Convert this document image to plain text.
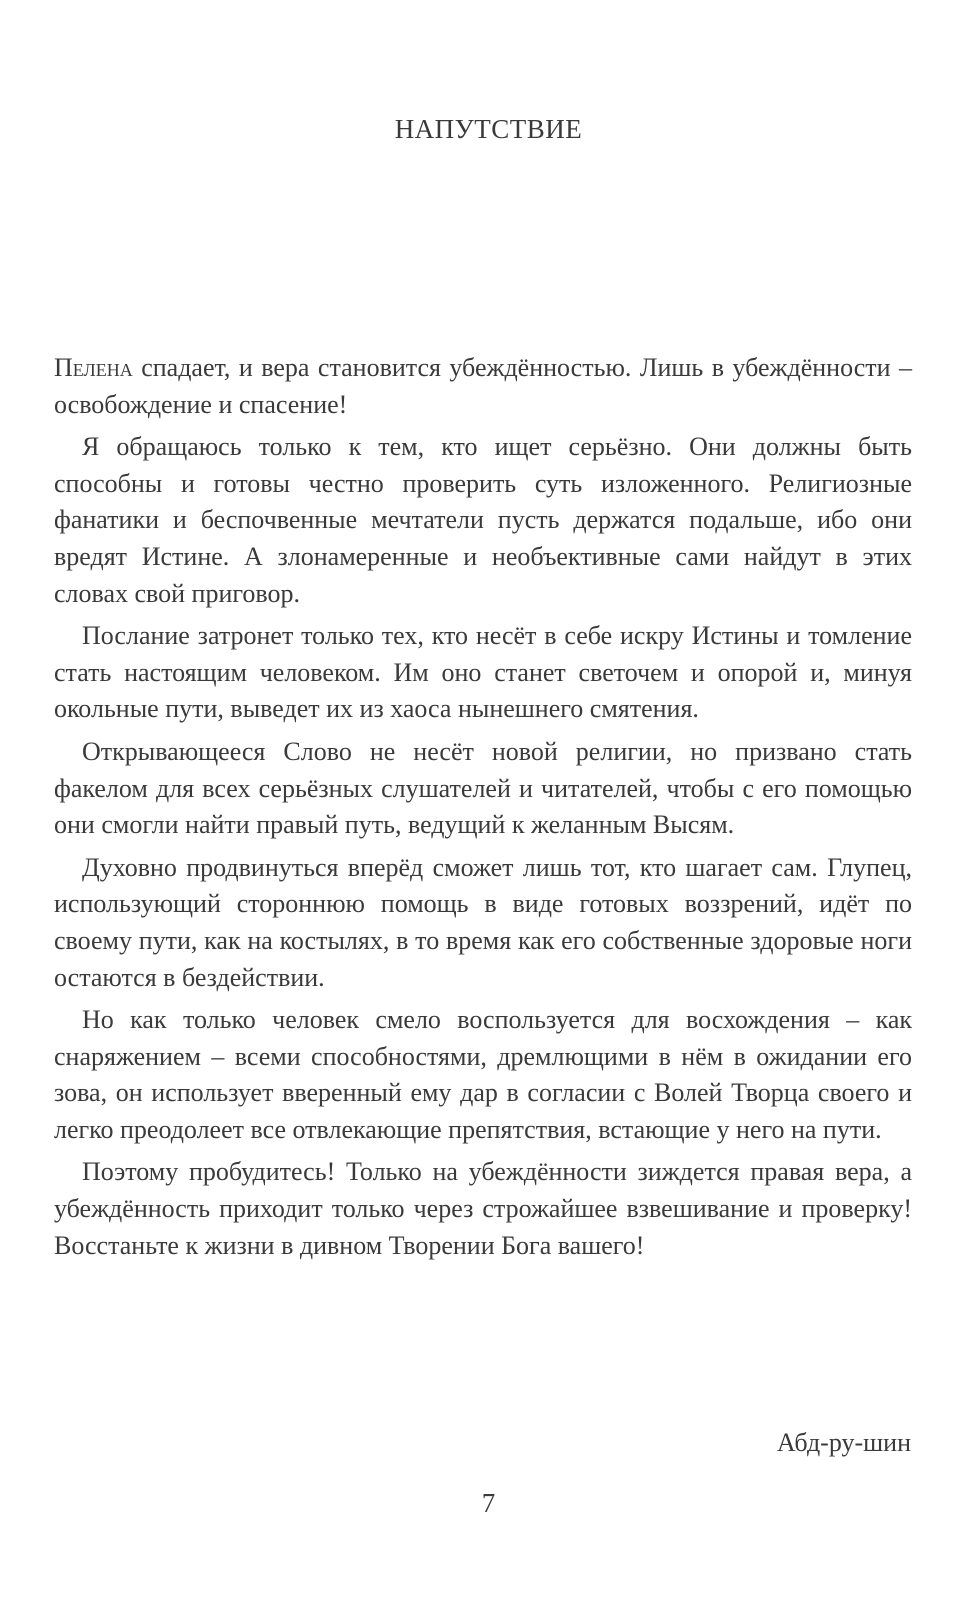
НАПУТСТВИЕ

Пелена спадает, и вера становится убеждённостью. Лишь в убеждённости – освобождение и спасение!

Я обращаюсь только к тем, кто ищет серьёзно. Они должны быть способны и готовы честно проверить суть изложенного. Религиозные фанатики и беспочвенные мечтатели пусть держатся подальше, ибо они вредят Истине. А злонамеренные и необъективные сами найдут в этих словах свой приговор.

Послание затронет только тех, кто несёт в себе искру Истины и томление стать настоящим человеком. Им оно станет светочем и опорой и, минуя окольные пути, выведет их из хаоса нынешнего смятения.

Открывающееся Слово не несёт новой религии, но призвано стать факелом для всех серьёзных слушателей и читателей, чтобы с его помощью они смогли найти правый путь, ведущий к желанным Высям.

Духовно продвинуться вперёд сможет лишь тот, кто шагает сам. Глупец, использующий стороннюю помощь в виде готовых воззрений, идёт по своему пути, как на костылях, в то время как его собственные здоровые ноги остаются в бездействии.

Но как только человек смело воспользуется для восхождения – как снаряжением – всеми способностями, дремлющими в нём в ожидании его зова, он использует вверенный ему дар в согласии с Волей Творца своего и легко преодолеет все отвлекающие препятствия, встающие у него на пути.

Поэтому пробудитесь! Только на убеждённости зиждется правая вера, а убеждённость приходит только через строжайшее взвешивание и проверку! Восстаньте к жизни в дивном Творении Бога вашего!

Абд-ру-шин

7
